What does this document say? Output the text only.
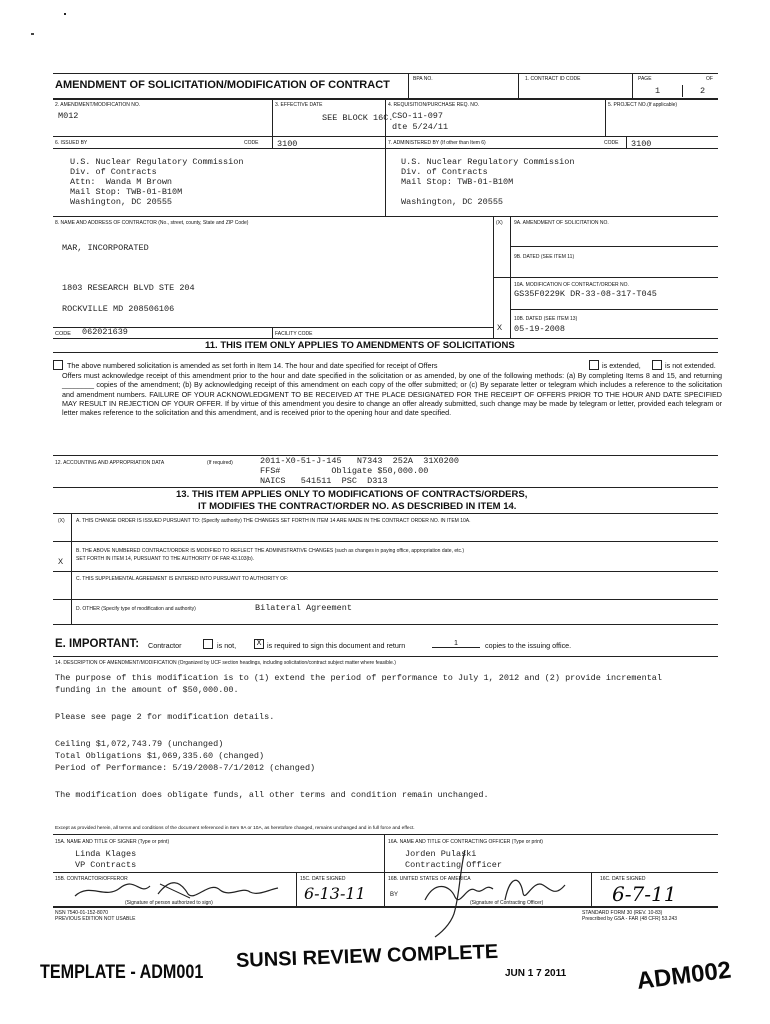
AMENDMENT OF SOLICITATION/MODIFICATION OF CONTRACT	BPA NO.	1. CONTRACT ID CODE	PAGE	OF
1	2
2. AMENDMENT/MODIFICATION NO.
M012
3. EFFECTIVE DATE
SEE BLOCK 16C.
4. REQUISITION/PURCHASE REQ. NO.
CSO-11-097
dte 5/24/11
5. PROJECT NO.(If applicable)
6. ISSUED BY	CODE 3100
U.S. Nuclear Regulatory Commission
Div. of Contracts
Attn:  Wanda M Brown
Mail Stop: TWB-01-B10M
Washington, DC 20555
7. ADMINISTERED BY (If other than Item 6)	CODE 3100
U.S. Nuclear Regulatory Commission
Div. of Contracts
Mail Stop: TWB-01-B10M
Washington, DC 20555
8. NAME AND ADDRESS OF CONTRACTOR (No., street, county, State and ZIP Code)
MAR, INCORPORATED
1803 RESEARCH BLVD STE 204
ROCKVILLE MD 208506106
(X) 9A. AMENDMENT OF SOLICITATION NO.
9B. DATED (SEE ITEM 11)
10A. MODIFICATION OF CONTRACT/ORDER NO.
GS35F0229K DR-33-08-317-T045
10B. DATED (SEE ITEM 13)
05-19-2008
X
CODE 062021639	FACILITY CODE
11. THIS ITEM ONLY APPLIES TO AMENDMENTS OF SOLICITATIONS
The above numbered solicitation is amended as set forth in Item 14. The hour and date specified for receipt of Offers	is extended,	is not extended.
Offers must acknowledge receipt of this amendment prior to the hour and date specified in the solicitation or as amended, by one of the following methods: (a) By completing Items 8 and 15, and returning ________ copies of the amendment; (b) By acknowledging receipt of this amendment on each copy of the offer submitted; or (c) By separate letter or telegram which includes a reference to the solicitation and amendment numbers. FAILURE OF YOUR ACKNOWLEDGMENT TO BE RECEIVED AT THE PLACE DESIGNATED FOR THE RECEIPT OF OFFERS PRIOR TO THE HOUR AND DATE SPECIFIED MAY RESULT IN REJECTION OF YOUR OFFER. If by virtue of this amendment you desire to change an offer already submitted, such change may be made by telegram or letter, provided each telegram or letter makes reference to the solicitation and this amendment, and is received prior to the opening hour and date specified.
12. ACCOUNTING AND APPROPRIATION DATA	(If required)	2011-X0-51-J-145   N7343  252A  31X0200
FFS#          Obligate $50,000.00
NAICS   541511  PSC  D313
13. THIS ITEM APPLIES ONLY TO MODIFICATIONS OF CONTRACTS/ORDERS,
IT MODIFIES THE CONTRACT/ORDER NO. AS DESCRIBED IN ITEM 14.
(X) A. THIS CHANGE ORDER IS ISSUED PURSUANT TO: (Specify authority) THE CHANGES SET FORTH IN ITEM 14 ARE MADE IN THE CONTRACT ORDER NO. IN ITEM 10A.
B. THE ABOVE NUMBERED CONTRACT/ORDER IS MODIFIED TO REFLECT THE ADMINISTRATIVE CHANGES (such as changes in paying office, appropriation date, etc.)
SET FORTH IN ITEM 14, PURSUANT TO THE AUTHORITY OF FAR 43.103(b).
X
C. THIS SUPPLEMENTAL AGREEMENT IS ENTERED INTO PURSUANT TO AUTHORITY OF:
D. OTHER (Specify type of modification and authority)	Bilateral Agreement
E. IMPORTANT: Contractor	is not,	X is required to sign this document and return	1	copies to the issuing office.
14. DESCRIPTION OF AMENDMENT/MODIFICATION (Organized by UCF section headings, including solicitation/contract subject matter where feasible.)
The purpose of this modification is to (1) extend the period of performance to July 1, 2012 and (2) provide incremental
funding in the amount of $50,000.00.
Please see page 2 for modification details.
Ceiling $1,072,743.79 (unchanged)
Total Obligations $1,069,335.60 (changed)
Period of Performance: 5/19/2008-7/1/2012 (changed)
The modification does obligate funds, all other terms and condition remain unchanged.
Except as provided herein, all terms and conditions of the document referenced in Item 9A or 10A, as heretofore changed, remains unchanged and in full force and effect.
15A. NAME AND TITLE OF SIGNER (Type or print)
Linda Klages
VP Contracts
16A. NAME AND TITLE OF CONTRACTING OFFICER (Type or print)
Jorden Pulaski
Contracting Officer
15B. CONTRACTOR/OFFEROR
(Signature of person authorized to sign)
15C. DATE SIGNED
6-13-11
16B. UNITED STATES OF AMERICA
BY
(Signature of Contracting Officer)
16C. DATE SIGNED
6-7-11
NSN 7540-01-152-8070
PREVIOUS EDITION NOT USABLE
STANDARD FORM 30 (REV. 10-83)
Prescribed by GSA - FAR (48 CFR) 53.243
TEMPLATE - ADM001
SUNSI REVIEW COMPLETE
JUN 1 7 2011	ADM002
